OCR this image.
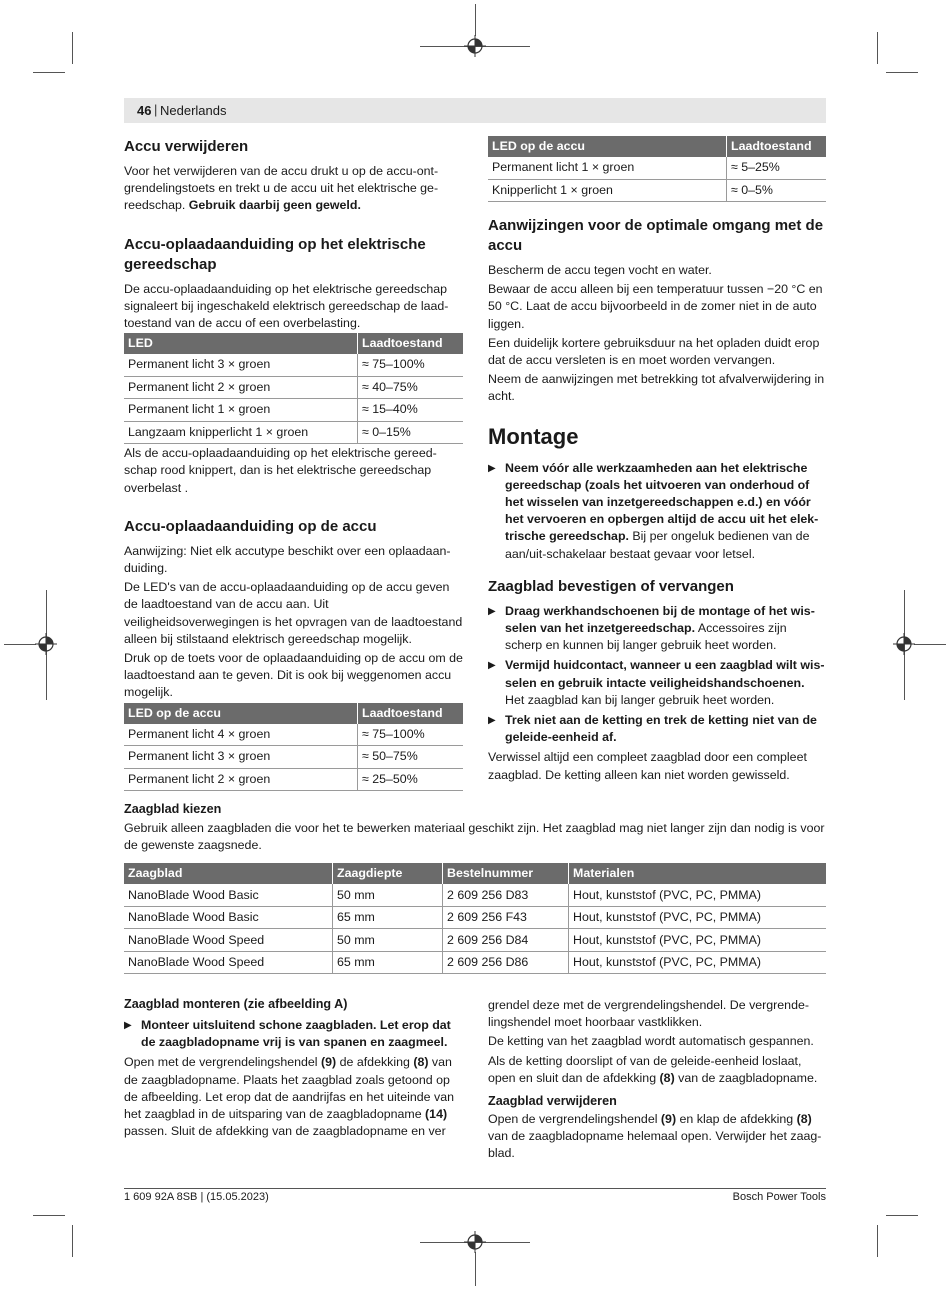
46 | Nederlands
Accu verwijderen

Voor het verwijderen van de accu drukt u op de accu-ontgrendelingstoets en trekt u de accu uit het elektrische gereedschap. Gebruik daarbij geen geweld.

Accu-oplaadaanduiding op het elektrische gereedschap

De accu-oplaadaanduiding op het elektrische gereedschap signaleert bij ingeschakeld elektrisch gereedschap de laadtoestand van de accu of een overbelasting.

LED	Laadtoestand
Permanent licht 3 × groen	≈ 75–100%
Permanent licht 2 × groen	≈ 40–75%
Permanent licht 1 × groen	≈ 15–40%
Langzaam knipperlicht 1 × groen	≈ 0–15%

Als de accu-oplaadaanduiding op het elektrische gereedschap rood knippert, dan is het elektrische gereedschap overbelast .

Accu-oplaadaanduiding op de accu

Aanwijzing: Niet elk accutype beschikt over een oplaadaanduiding.

De LED's van de accu-oplaadaanduiding op de accu geven de laadtoestand van de accu aan. Uit veiligheidsoverwegingen is het opvragen van de laadtoestand alleen bij stilstaand elektrisch gereedschap mogelijk.

Druk op de toets voor de oplaadaanduiding op de accu om de laadtoestand aan te geven. Dit is ook bij weggenomen accu mogelijk.

LED op de accu	Laadtoestand
Permanent licht 4 × groen	≈ 75–100%
Permanent licht 3 × groen	≈ 50–75%
Permanent licht 2 × groen	≈ 25–50%
LED op de accu	Laadtoestand
Permanent licht 1 × groen	≈ 5–25%
Knipperlicht 1 × groen	≈ 0–5%
Aanwijzingen voor de optimale omgang met de accu

Bescherm de accu tegen vocht en water.

Bewaar de accu alleen bij een temperatuur tussen −20 °C en 50 °C. Laat de accu bijvoorbeeld in de zomer niet in de auto liggen.

Een duidelijk kortere gebruiksduur na het opladen duidt erop dat de accu versleten is en moet worden vervangen.

Neem de aanwijzingen met betrekking tot afvalverwijdering in acht.

Montage
▶ Neem vóór alle werkzaamheden aan het elektrische gereedschap (zoals het uitvoeren van onderhoud of het wisselen van inzetgereedschappen e.d.) en vóór het vervoeren en opbergen altijd de accu uit het elektrische gereedschap. Bij per ongeluk bedienen van de aan/uit-schakelaar bestaat gevaar voor letsel.
Zaagblad bevestigen of vervangen
▶ Draag werkhandschoenen bij de montage of het wisselen van het inzetgereedschap. Accessoires zijn scherp en kunnen bij langer gebruik heet worden.
▶ Vermijd huidcontact, wanneer u een zaagblad wilt wisselen en gebruik intacte veiligheidshandschoenen. Het zaagblad kan bij langer gebruik heet worden.
▶ Trek niet aan de ketting en trek de ketting niet van de geleide-eenheid af.

Verwissel altijd een compleet zaagblad door een compleet zaagblad. De ketting alleen kan niet worden gewisseld.

Zaagblad kiezen

Gebruik alleen zaagbladen die voor het te bewerken materiaal geschikt zijn. Het zaagblad mag niet langer zijn dan nodig is voor de gewenste zaagsnede.

Zaagblad	Zaagdiepte	Bestelnummer	Materialen
NanoBlade Wood Basic	50 mm	2 609 256 D83	Hout, kunststof (PVC, PC, PMMA)
NanoBlade Wood Basic	65 mm	2 609 256 F43	Hout, kunststof (PVC, PC, PMMA)
NanoBlade Wood Speed	50 mm	2 609 256 D84	Hout, kunststof (PVC, PC, PMMA)
NanoBlade Wood Speed	65 mm	2 609 256 D86	Hout, kunststof (PVC, PC, PMMA)
Zaagblad monteren (zie afbeelding A)
▶ Monteer uitsluitend schone zaagbladen. Let erop dat de zaagbladopname vrij is van spanen en zaagmeel.

Open met de vergrendelingshendel (9) de afdekking (8) van de zaagbladopname. Plaats het zaagblad zoals getoond op de afbeelding. Let erop dat de aandrijfas en het uiteinde van het zaagblad in de uitsparing van de zaagbladopname (14) passen. Sluit de afdekking van de zaagbladopname en ver

grendel deze met de vergrendelingshendel. De vergrendelingshendel moet hoorbaar vastklikken.

De ketting van het zaagblad wordt automatisch gespannen.

Als de ketting doorslipt of van de geleide-eenheid loslaat, open en sluit dan de afdekking (8) van de zaagbladopname.

Zaagblad verwijderen

Open de vergrendelingshendel (9) en klap de afdekking (8) van de zaagbladopname helemaal open. Verwijder het zaagblad.

1 609 92A 8SB | (15.05.2023)	Bosch Power Tools
